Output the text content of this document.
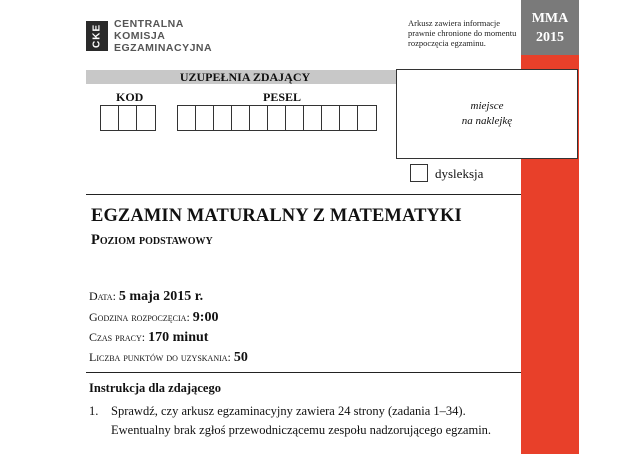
CKE	CENTRALNA
KOMISJA
EGZAMINACYJNA
Arkusz zawiera informacje prawnie chronione do momentu rozpoczęcia egzaminu.
MMA
2015
UZUPEŁNIA ZDAJĄCY
KOD	PESEL
miejsce
na naklejkę
dysleksja
EGZAMIN MATURALNY Z MATEMATYKI
Poziom podstawowy
Data: 5 maja 2015 r.
Godzina rozpoczęcia: 9:00
Czas pracy: 170 minut
Liczba punktów do uzyskania: 50
Instrukcja dla zdającego
1.	Sprawdź, czy arkusz egzaminacyjny zawiera 24 strony (zadania 1–34). Ewentualny brak zgłoś przewodniczącemu zespołu nadzorującego egzamin.
